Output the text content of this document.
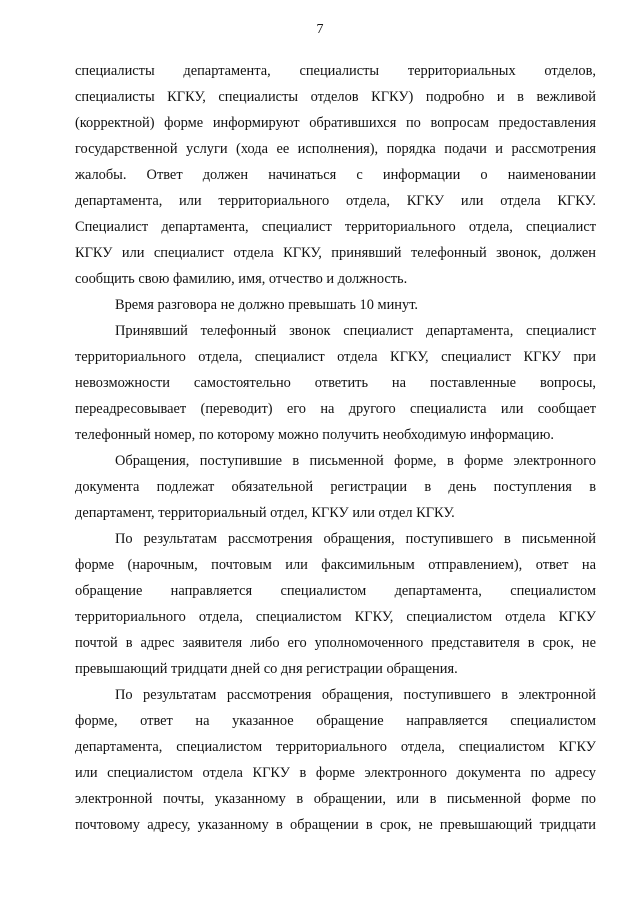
7

специалисты департамента, специалисты территориальных отделов,
специалисты КГКУ, специалисты отделов КГКУ) подробно и в вежливой
(корректной) форме информируют обратившихся по вопросам предоставления
государственной услуги (хода ее исполнения), порядка подачи и рассмотрения
жалобы. Ответ должен начинаться с информации о наименовании
департамента, или территориального отдела, КГКУ или отдела КГКУ.
Специалист департамента, специалист территориального отдела, специалист
КГКУ или специалист отдела КГКУ, принявший телефонный звонок, должен
сообщить свою фамилию, имя, отчество и должность.

Время разговора не должно превышать 10 минут.

Принявший телефонный звонок специалист департамента, специалист
территориального отдела, специалист отдела КГКУ, специалист КГКУ при
невозможности самостоятельно ответить на поставленные вопросы,
переадресовывает (переводит) его на другого специалиста или сообщает
телефонный номер, по которому можно получить необходимую информацию.

Обращения, поступившие в письменной форме, в форме электронного
документа подлежат обязательной регистрации в день поступления в
департамент, территориальный отдел, КГКУ или отдел КГКУ.

По результатам рассмотрения обращения, поступившего в письменной
форме (нарочным, почтовым или факсимильным отправлением), ответ на
обращение направляется специалистом департамента, специалистом
территориального отдела, специалистом КГКУ, специалистом отдела КГКУ
почтой в адрес заявителя либо его уполномоченного представителя в срок, не
превышающий тридцати дней со дня регистрации обращения.

По результатам рассмотрения обращения, поступившего в электронной
форме, ответ на указанное обращение направляется специалистом
департамента, специалистом территориального отдела, специалистом КГКУ
или специалистом отдела КГКУ в форме электронного документа по адресу
электронной почты, указанному в обращении, или в письменной форме по
почтовому адресу, указанному в обращении в срок, не превышающий тридцати
